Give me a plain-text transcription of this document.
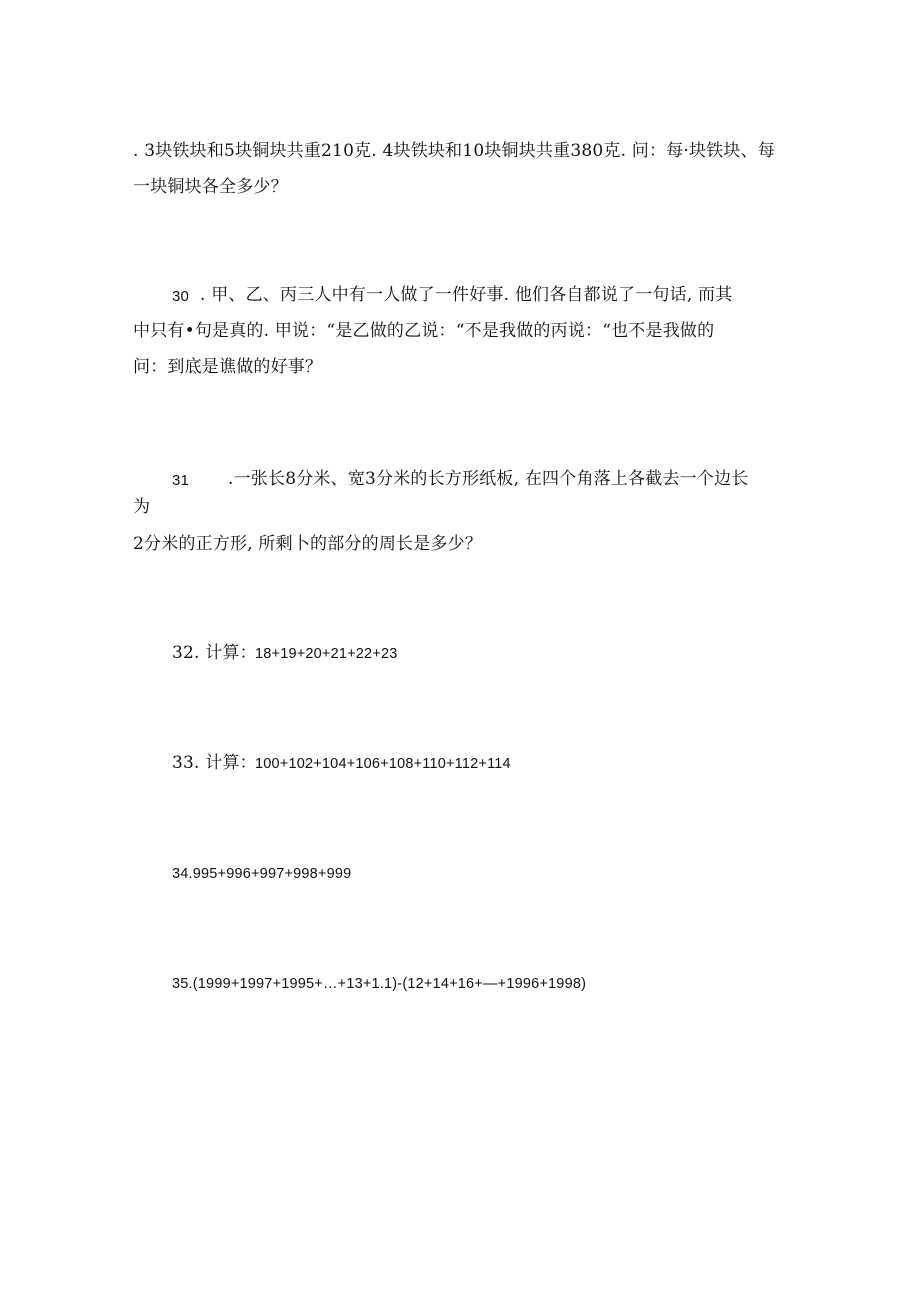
. 3块铁块和5块铜块共重210克. 4块铁块和10块铜块共重380克. 问：每·块铁块、每
一块铜块各全多少？
30 . 甲、乙、丙三人中有一人做了一件好事. 他们各自都说了一句话, 而其
中只有•句是真的. 甲说：“是乙做的乙说：“不是我做的丙说：“也不是我做的
问：到底是谯做的好事？
31 .一张长8分米、宽3分米的长方形纸板, 在四个角落上各截去一个边长
为
2分米的正方形, 所剩卜的部分的周长是多少？
32. 计算：
18+19+20+21+22+23
33. 计算：
100+102+104+106+108+110+112+114
34.995+996+997+998+999
35.(1999+1997+1995+…+13+1.1)-(12+14+16+—+1996+1998)
